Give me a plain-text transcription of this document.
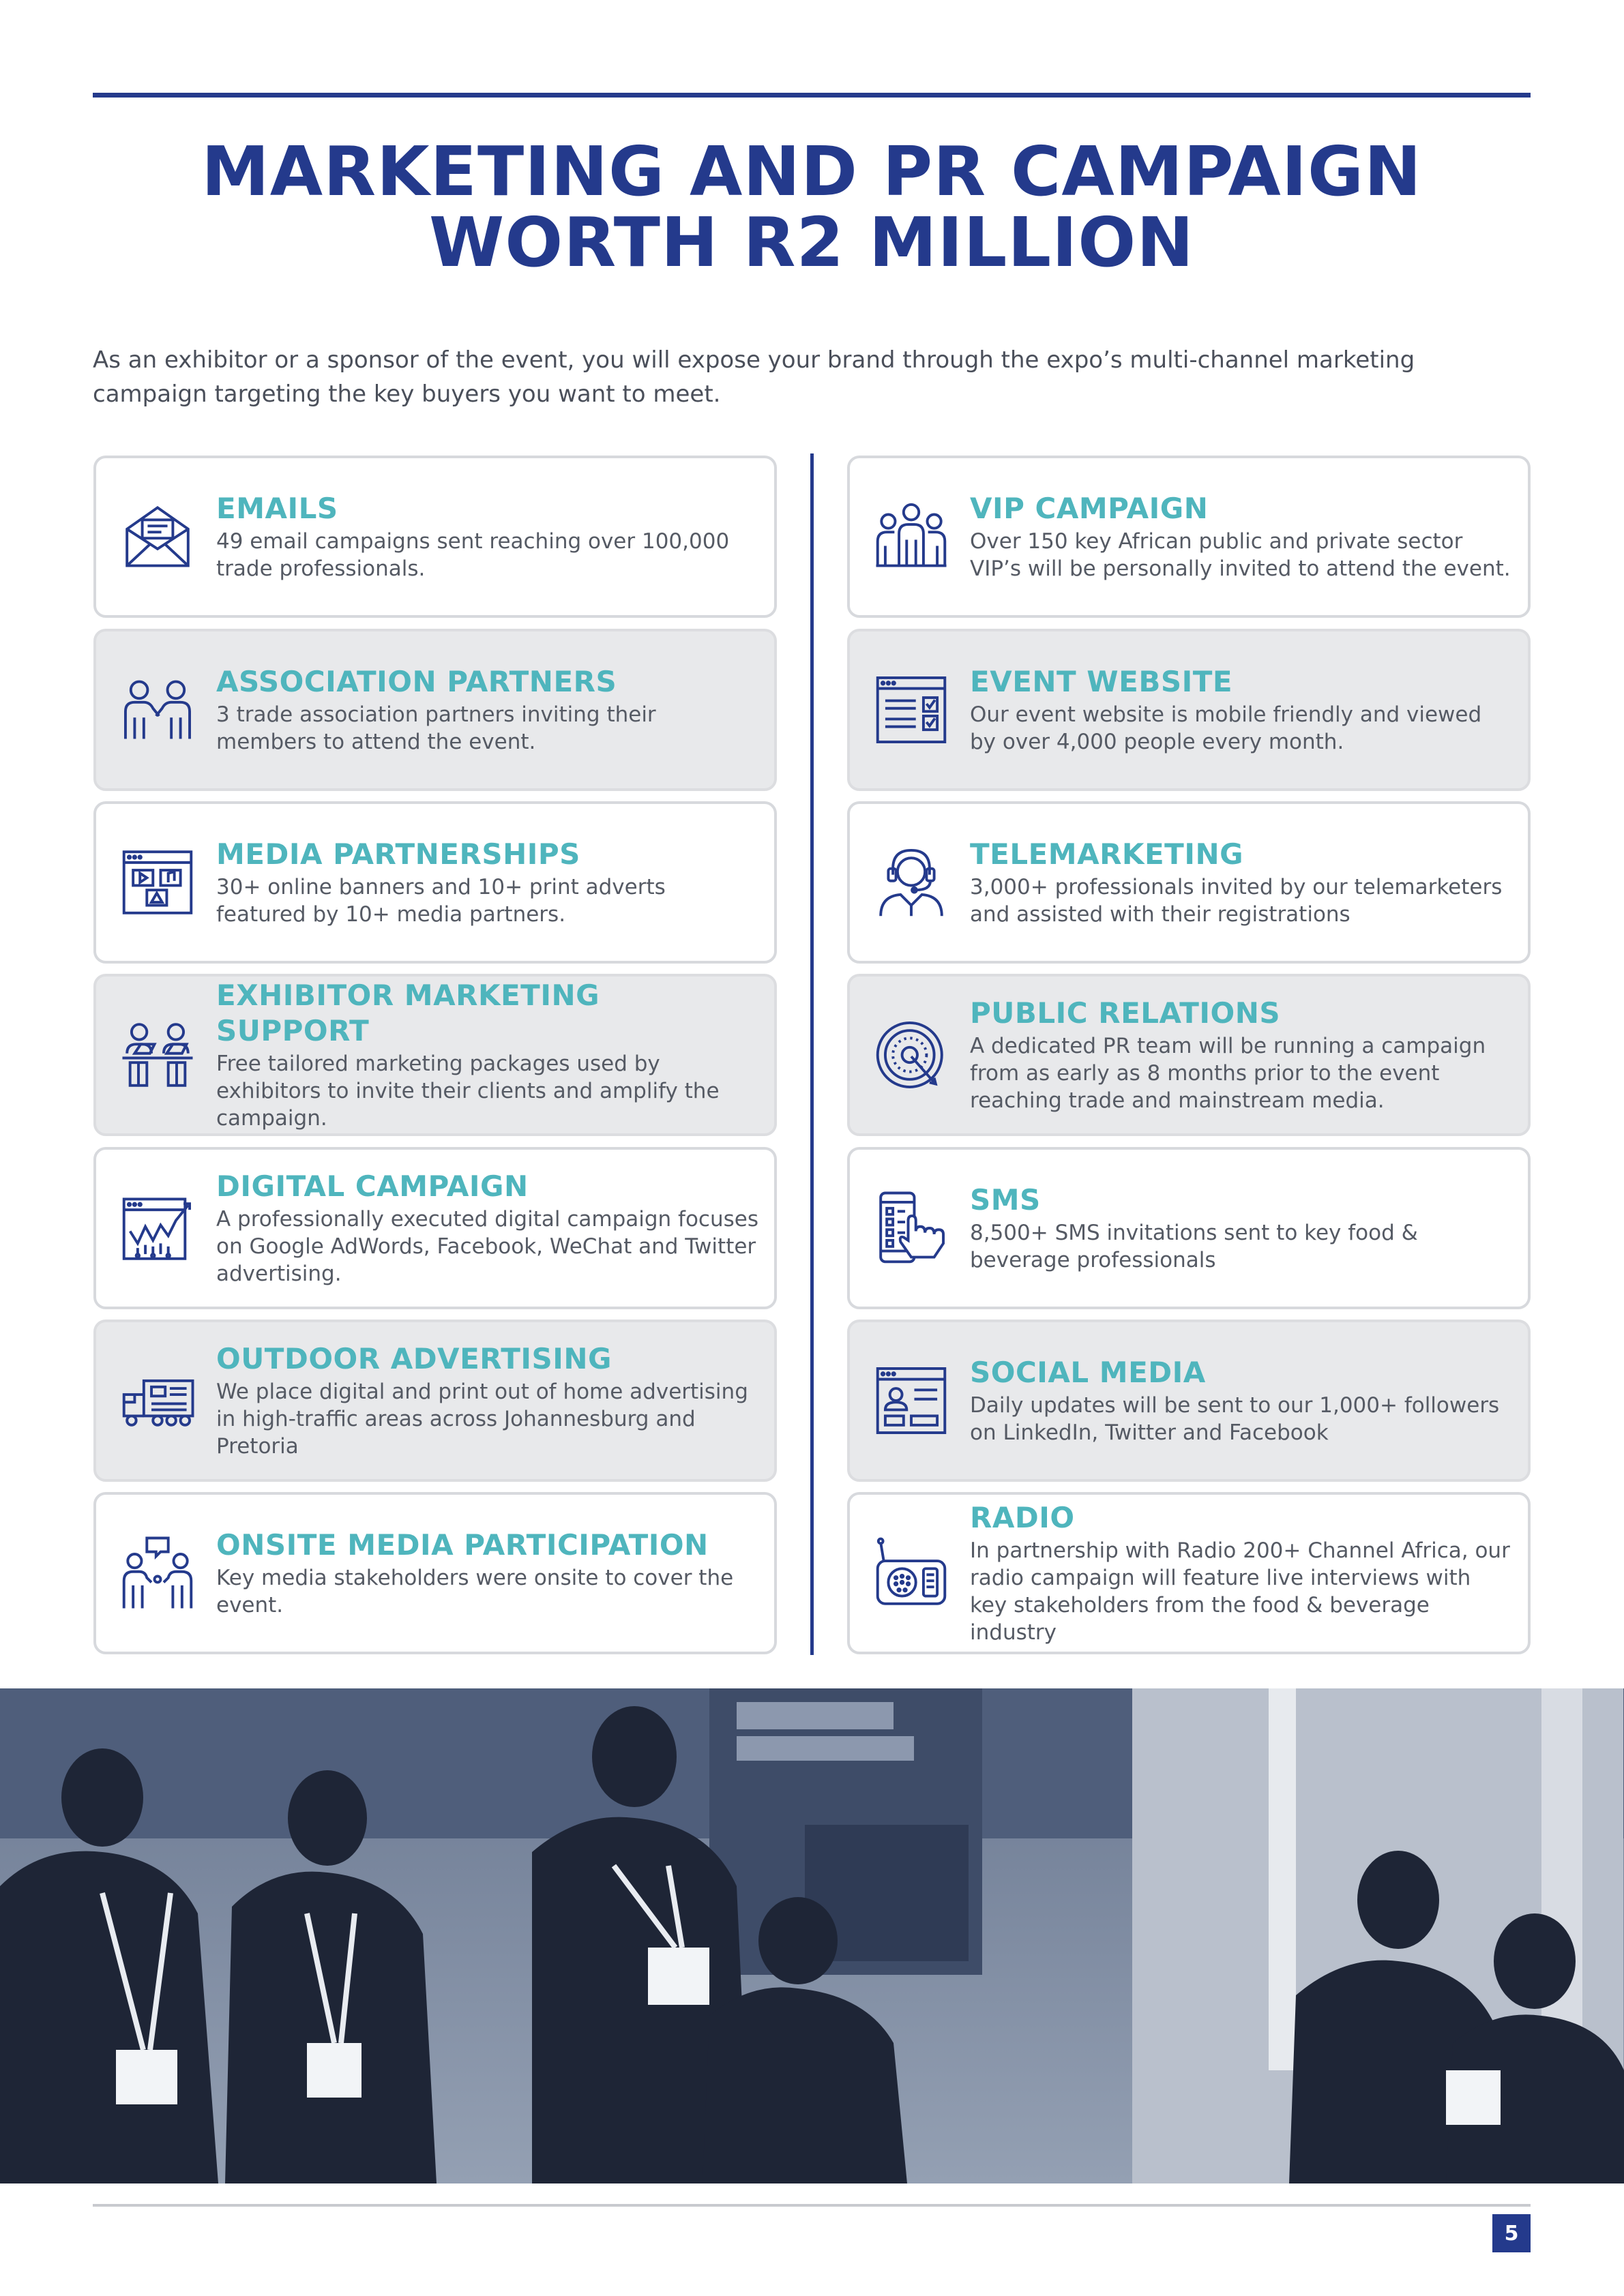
MARKETING AND PR CAMPAIGN
WORTH R2 MILLION

As an exhibitor or a sponsor of the event, you will expose your brand through the expo’s multi-channel marketing campaign targeting the key buyers you want to meet.

EMAILS

49 email campaigns sent reaching over 100,000 trade professionals.

ASSOCIATION PARTNERS

3 trade association partners inviting their members to attend the event.

MEDIA PARTNERSHIPS

30+ online banners and 10+ print adverts featured by 10+ media partners.

EXHIBITOR MARKETING SUPPORT

Free tailored marketing packages used by exhibitors to invite their clients and amplify the campaign.

DIGITAL CAMPAIGN

A professionally executed digital campaign focuses on Google AdWords, Facebook, WeChat and Twitter advertising.

OUTDOOR ADVERTISING

We place digital and print out of home advertising in high-traffic areas across Johannesburg and Pretoria

ONSITE MEDIA PARTICIPATION

Key media stakeholders were onsite to cover the event.

VIP CAMPAIGN

Over 150 key African public and private sector VIP’s will be personally invited to attend the event.

EVENT WEBSITE

Our event website is mobile friendly and viewed by over 4,000 people every month.

TELEMARKETING

3,000+ professionals invited by our telemarketers and assisted with their registrations

PUBLIC RELATIONS

A dedicated PR team will be running a campaign from as early as 8 months prior to the event reaching trade and mainstream media.

SMS

8,500+ SMS invitations sent to key food & beverage professionals

SOCIAL MEDIA

Daily updates will be sent to our 1,000+ followers on LinkedIn, Twitter and Facebook

RADIO

In partnership with Radio 200+ Channel Africa, our radio campaign will feature live interviews with key stakeholders from the food & beverage industry

5
